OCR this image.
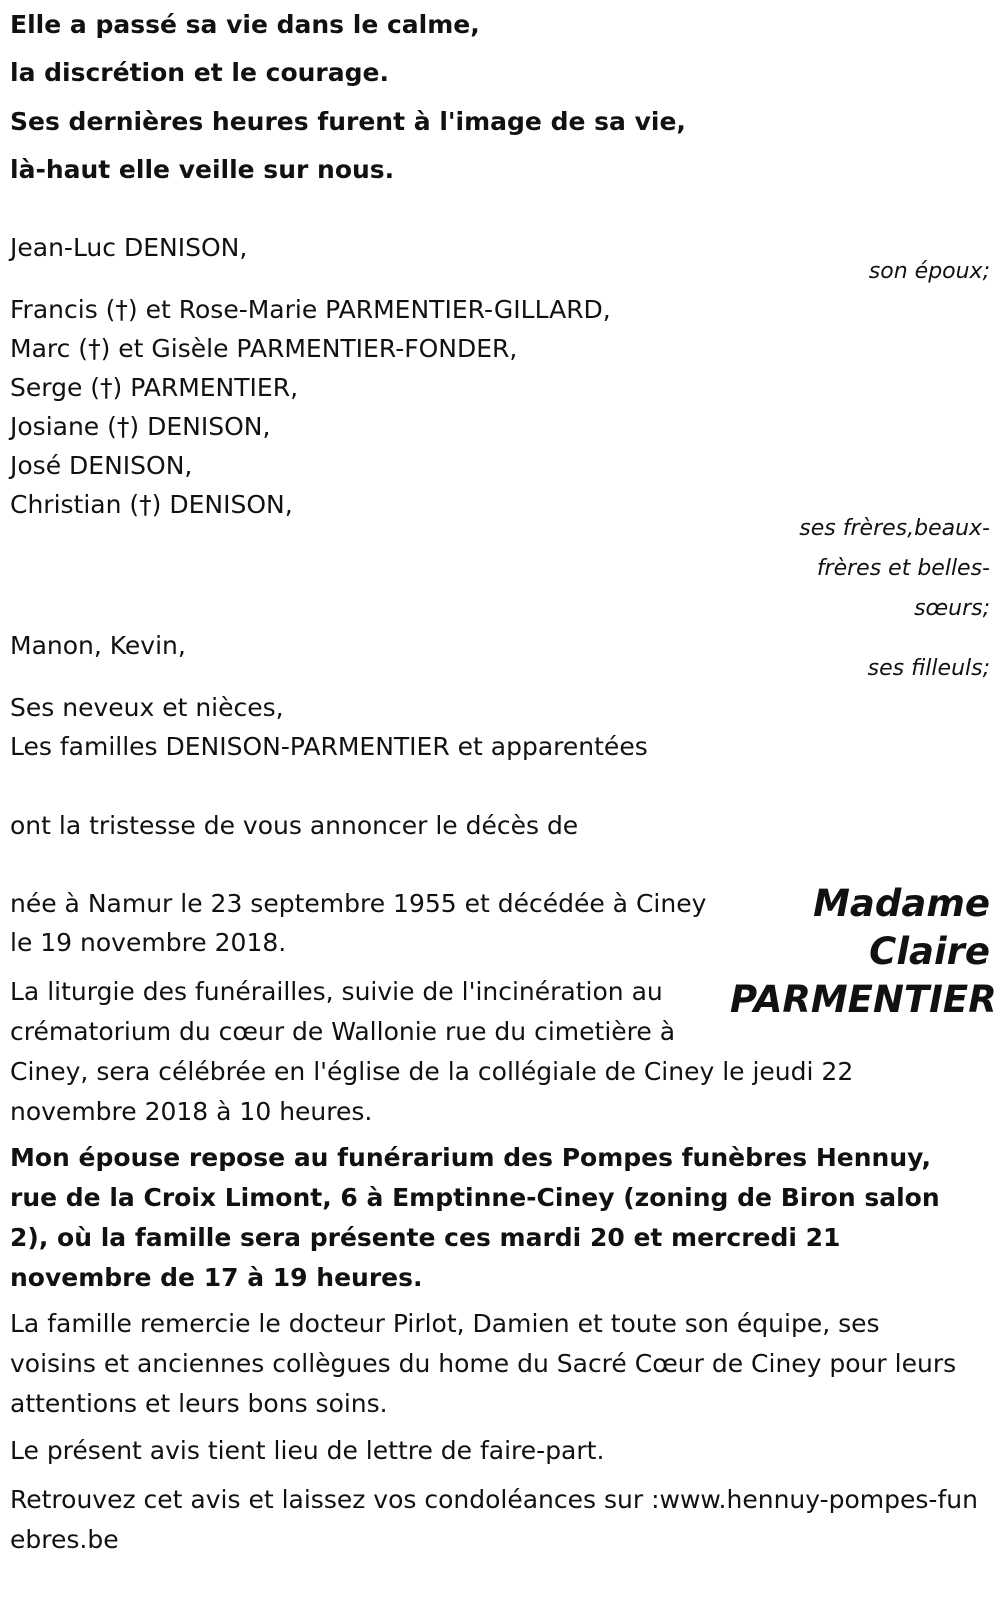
Elle a passé sa vie dans le calme,
la discrétion et le courage.
Ses dernières heures furent à l'image de sa vie,
là-haut elle veille sur nous.
Jean-Luc DENISON,
son époux;
Francis (†) et Rose-Marie PARMENTIER-GILLARD,
Marc (†) et Gisèle PARMENTIER-FONDER,
Serge (†) PARMENTIER,
Josiane (†) DENISON,
José DENISON,
Christian (†) DENISON,
ses frères,beaux-frères et belles-sœurs;
Manon, Kevin,
ses filleuls;
Ses neveux et nièces,
Les familles DENISON-PARMENTIER et apparentées
ont la tristesse de vous annoncer le décès de
Madame
Claire
PARMENTIER
née à Namur le 23 septembre 1955 et décédée à Ciney
le 19 novembre 2018.
La liturgie des funérailles, suivie de l'incinération au crématorium du cœur de Wallonie rue du cimetière à Ciney, sera célébrée en l'église de la collégiale de Ciney le jeudi 22 novembre 2018 à 10 heures.
Mon épouse repose au funérarium des Pompes funèbres Hennuy, rue de la Croix Limont, 6 à Emptinne-Ciney (zoning de Biron salon 2), où la famille sera présente ces mardi 20 et mercredi 21 novembre de 17 à 19 heures.
La famille remercie le docteur Pirlot, Damien et toute son équipe, ses voisins et anciennes collègues du home du Sacré Cœur de Ciney pour leurs attentions et leurs bons soins.
Le présent avis tient lieu de lettre de faire-part.
Retrouvez cet avis et laissez vos condoléances sur :www.hennuy-pompes-funebres.be
